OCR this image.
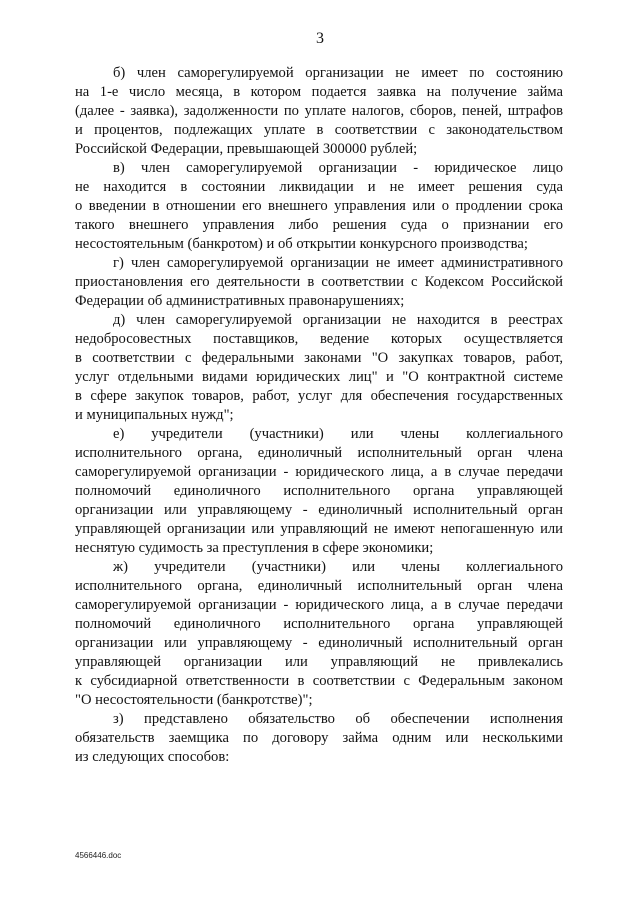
3
б) член саморегулируемой организации не имеет по состоянию
на 1-е число месяца, в котором подается заявка на получение займа
(далее - заявка), задолженности по уплате налогов, сборов, пеней, штрафов
и процентов, подлежащих уплате в соответствии с законодательством
Российской Федерации, превышающей 300000 рублей;
в) член саморегулируемой организации - юридическое лицо
не находится в состоянии ликвидации и не имеет решения суда
о введении в отношении его внешнего управления или о продлении срока
такого внешнего управления либо решения суда о признании его
несостоятельным (банкротом) и об открытии конкурсного производства;
г) член саморегулируемой организации не имеет административного
приостановления его деятельности в соответствии с Кодексом Российской
Федерации об административных правонарушениях;
д) член саморегулируемой организации не находится в реестрах
недобросовестных поставщиков, ведение которых осуществляется
в соответствии с федеральными законами "О закупках товаров, работ,
услуг отдельными видами юридических лиц" и "О контрактной системе
в сфере закупок товаров, работ, услуг для обеспечения государственных
и муниципальных нужд";
е) учредители (участники) или члены коллегиального
исполнительного органа, единоличный исполнительный орган члена
саморегулируемой организации - юридического лица, а в случае передачи
полномочий единоличного исполнительного органа управляющей
организации или управляющему - единоличный исполнительный орган
управляющей организации или управляющий не имеют непогашенную или
неснятую судимость за преступления в сфере экономики;
ж) учредители (участники) или члены коллегиального
исполнительного органа, единоличный исполнительный орган члена
саморегулируемой организации - юридического лица, а в случае передачи
полномочий единоличного исполнительного органа управляющей
организации или управляющему - единоличный исполнительный орган
управляющей организации или управляющий не привлекались
к субсидиарной ответственности в соответствии с Федеральным законом
"О несостоятельности (банкротстве)";
з) представлено обязательство об обеспечении исполнения
обязательств заемщика по договору займа одним или несколькими
из следующих способов:
4566446.doc
